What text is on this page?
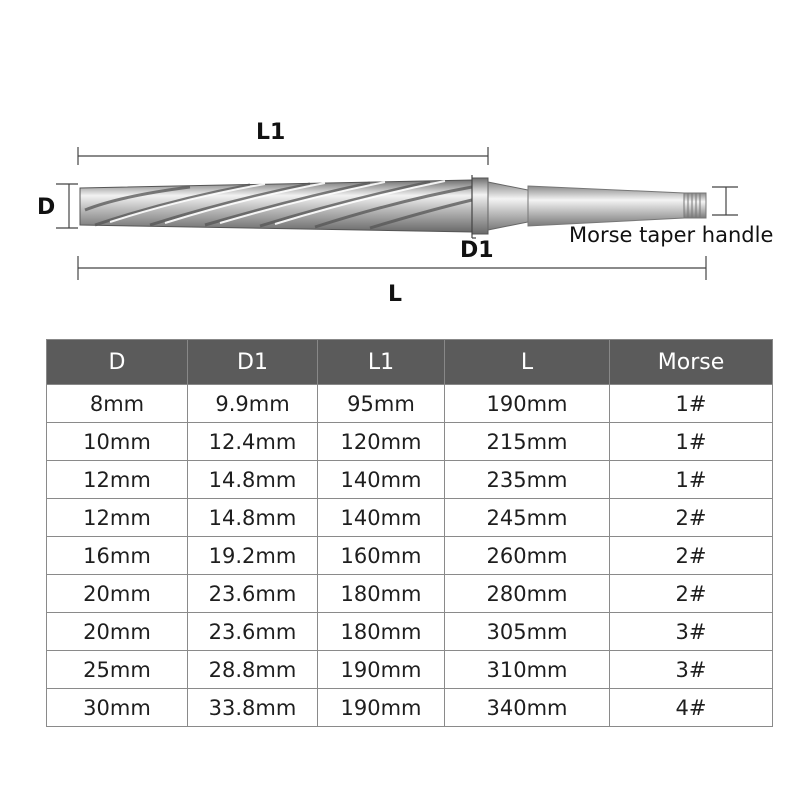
L1
D
D1
L
Morse taper handle
D	D1	L1	L	Morse
8mm	9.9mm	95mm	190mm	1#
10mm	12.4mm	120mm	215mm	1#
12mm	14.8mm	140mm	235mm	1#
12mm	14.8mm	140mm	245mm	2#
16mm	19.2mm	160mm	260mm	2#
20mm	23.6mm	180mm	280mm	2#
20mm	23.6mm	180mm	305mm	3#
25mm	28.8mm	190mm	310mm	3#
30mm	33.8mm	190mm	340mm	4#
